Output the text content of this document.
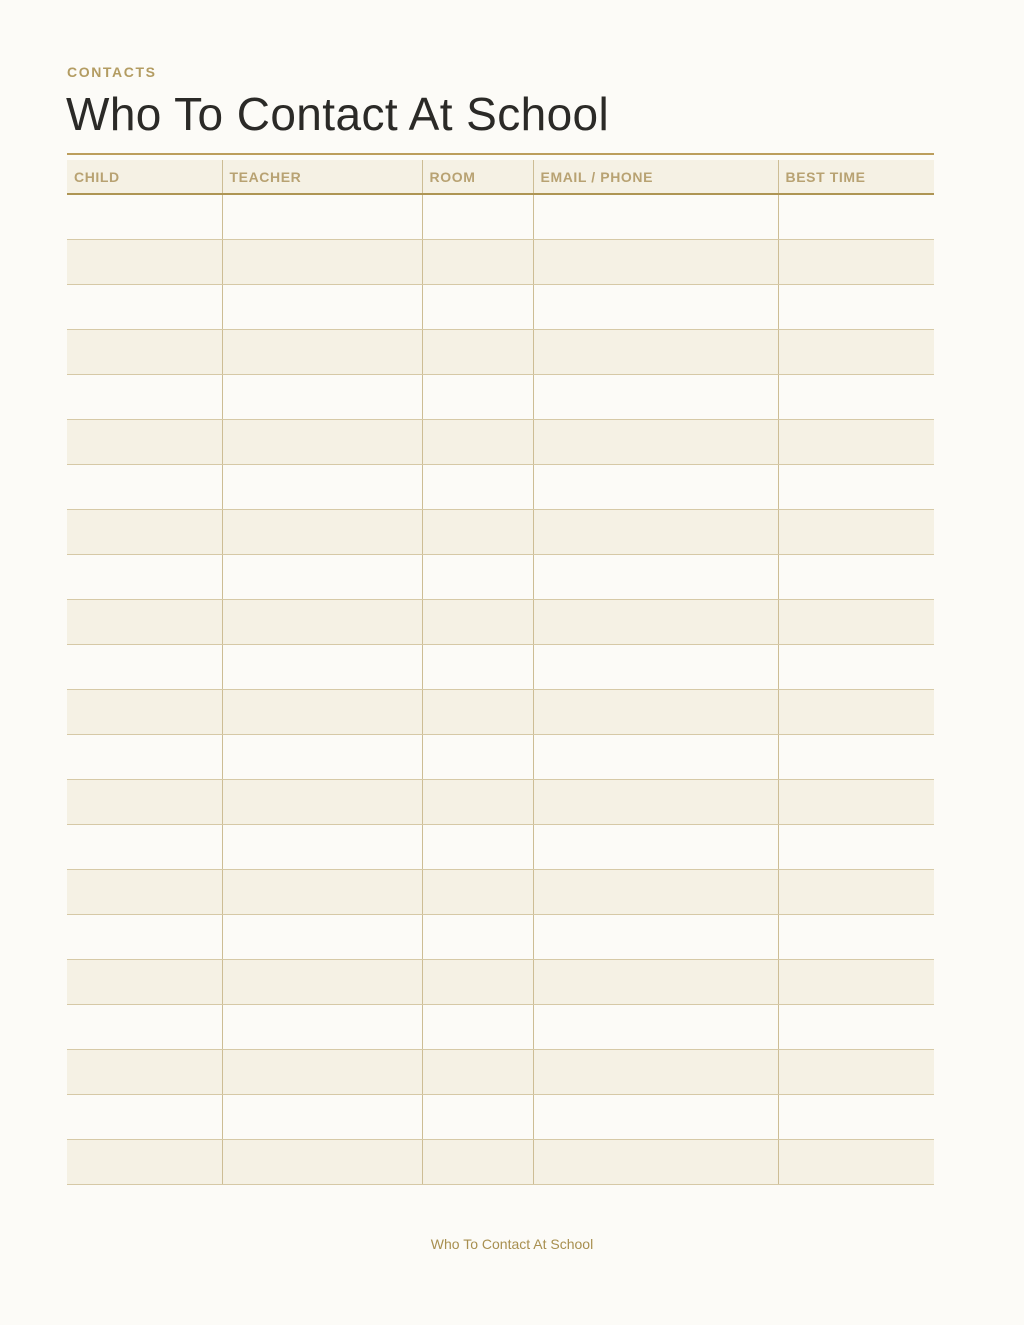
CONTACTS
Who To Contact At School
CHILD	TEACHER	ROOM	EMAIL / PHONE	BEST TIME

Who To Contact At School
